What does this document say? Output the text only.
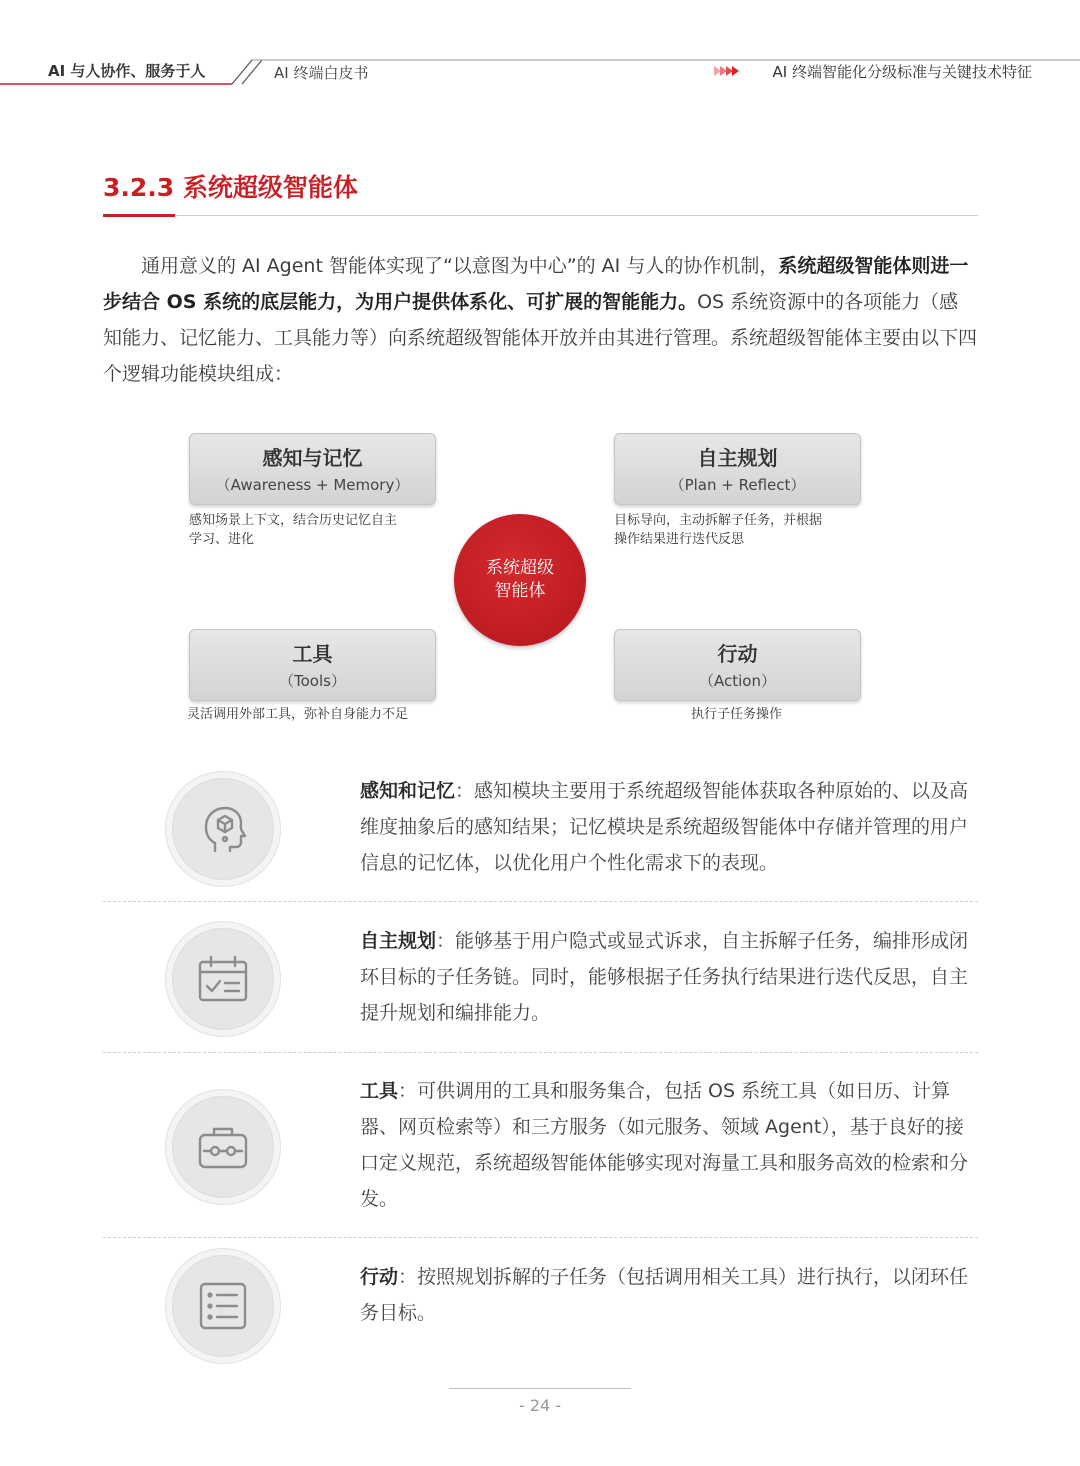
AI 与人协作、服务于人	AI 终端白皮书	AI 终端智能化分级标准与关键技术特征
3.2.3 系统超级智能体
通用意义的 AI Agent 智能体实现了“以意图为中心”的 AI 与人的协作机制，系统超级智能体则进一步结合 OS 系统的底层能力，为用户提供体系化、可扩展的智能能力。OS 系统资源中的各项能力（感知能力、记忆能力、工具能力等）向系统超级智能体开放并由其进行管理。系统超级智能体主要由以下四个逻辑功能模块组成：
感知与记忆
（Awareness + Memory）
感知场景上下文，结合历史记忆自主
学习、进化
自主规划
（Plan + Reflect）
目标导向，主动拆解子任务，并根据
操作结果进行迭代反思
系统超级
智能体
工具
（Tools）
灵活调用外部工具，弥补自身能力不足
行动
（Action）
执行子任务操作
感知和记忆：感知模块主要用于系统超级智能体获取各种原始的、以及高维度抽象后的感知结果；记忆模块是系统超级智能体中存储并管理的用户信息的记忆体，以优化用户个性化需求下的表现。
自主规划：能够基于用户隐式或显式诉求，自主拆解子任务，编排形成闭环目标的子任务链。同时，能够根据子任务执行结果进行迭代反思，自主提升规划和编排能力。
工具：可供调用的工具和服务集合，包括 OS 系统工具（如日历、计算器、网页检索等）和三方服务（如元服务、领域 Agent），基于良好的接口定义规范，系统超级智能体能够实现对海量工具和服务高效的检索和分发。
行动：按照规划拆解的子任务（包括调用相关工具）进行执行，以闭环任务目标。
- 24 -
